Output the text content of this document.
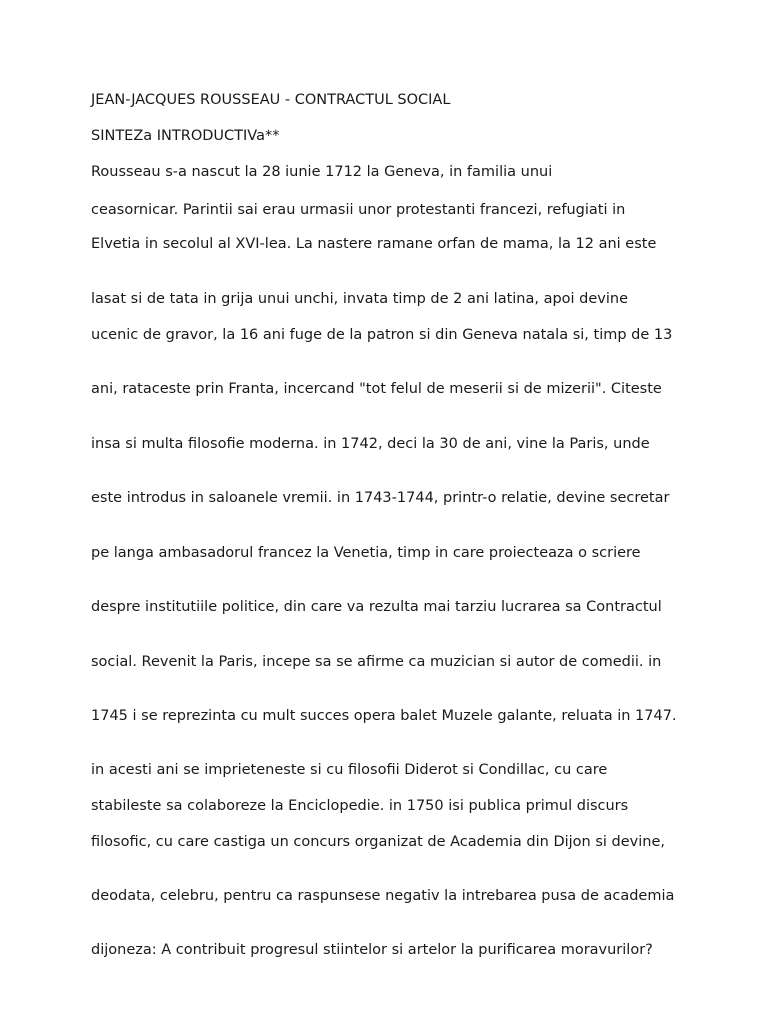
JEAN-JACQUES ROUSSEAU - CONTRACTUL SOCIAL
SINTEZa INTRODUCTIVa**
Rousseau s-a nascut la 28 iunie 1712 la Geneva, in familia unui
ceasornicar. Parintii sai erau urmasii unor protestanti francezi, refugiati in
Elvetia in secolul al XVI-lea. La nastere ramane orfan de mama, la 12 ani este
lasat si de tata in grija unui unchi, invata timp de 2 ani latina, apoi devine
ucenic de gravor, la 16 ani fuge de la patron si din Geneva natala si, timp de 13
ani, rataceste prin Franta, incercand "tot felul de meserii si de mizerii". Citeste
insa si multa filosofie moderna. in 1742, deci la 30 de ani, vine la Paris, unde
este introdus in saloanele vremii. in 1743-1744, printr-o relatie, devine secretar
pe langa ambasadorul francez la Venetia, timp in care proiecteaza o scriere
despre institutiile politice, din care va rezulta mai tarziu lucrarea sa Contractul
social. Revenit la Paris, incepe sa se afirme ca muzician si autor de comedii. in
1745 i se reprezinta cu mult succes opera balet Muzele galante, reluata in 1747.
in acesti ani se imprieteneste si cu filosofii Diderot si Condillac, cu care
stabileste sa colaboreze la Enciclopedie. in 1750 isi publica primul discurs
filosofic, cu care castiga un concurs organizat de Academia din Dijon si devine,
deodata, celebru, pentru ca raspunsese negativ la intrebarea pusa de academia
dijoneza: A contribuit progresul stiintelor si artelor la purificarea moravurilor?
